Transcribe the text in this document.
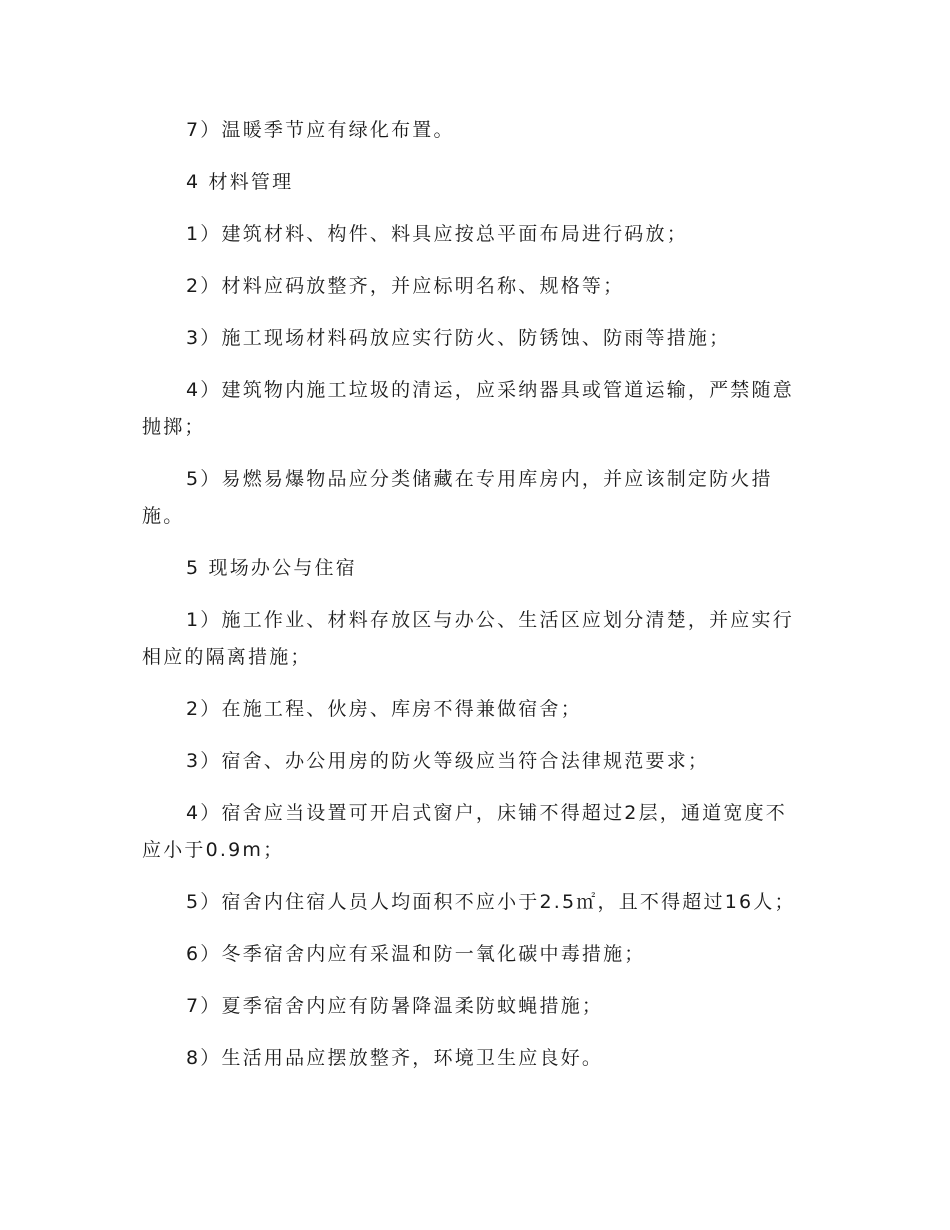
7）温暖季节应有绿化布置。

4 材料管理

1）建筑材料、构件、料具应按总平面布局进行码放；

2）材料应码放整齐，并应标明名称、规格等；

3）施工现场材料码放应实行防火、防锈蚀、防雨等措施；

4）建筑物内施工垃圾的清运，应采纳器具或管道运输，严禁随意抛掷；

5）易燃易爆物品应分类储藏在专用库房内，并应该制定防火措施。

5 现场办公与住宿

1）施工作业、材料存放区与办公、生活区应划分清楚，并应实行相应的隔离措施；

2）在施工程、伙房、库房不得兼做宿舍；

3）宿舍、办公用房的防火等级应当符合法律规范要求；

4）宿舍应当设置可开启式窗户，床铺不得超过2层，通道宽度不应小于0.9m；

5）宿舍内住宿人员人均面积不应小于2.5㎡，且不得超过16人；

6）冬季宿舍内应有采温和防一氧化碳中毒措施；

7）夏季宿舍内应有防暑降温柔防蚊蝇措施；

8）生活用品应摆放整齐，环境卫生应良好。
